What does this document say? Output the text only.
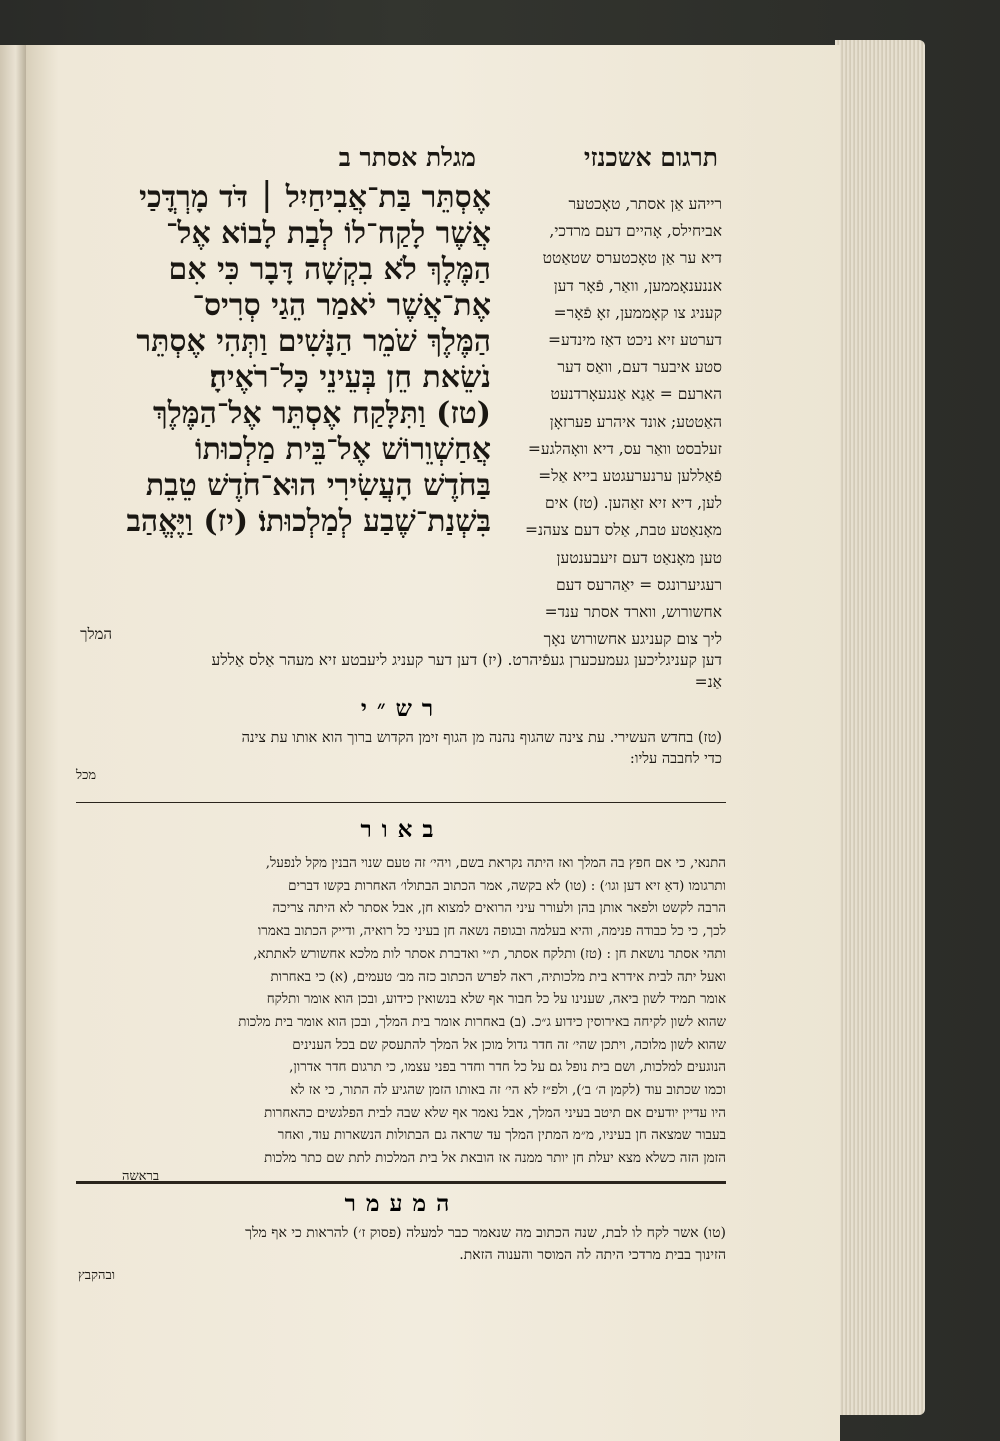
מגלת אסתר ב	תרגום אשכנזי
אֶסְתֵּר בַּת־אֲבִיחַיִל ׀ דֹּד מָרְדֳּכַי
אֲשֶׁר לָקַח־לוֹ לְבַת לָבוֹא אֶל־
הַמֶּלֶךְ לֹא בִקְשָׁה דָּבָר כִּי אִם
אֶת־אֲשֶׁר יֹאמַר הֵגַי סְרִיס־
הַמֶּלֶךְ שֹׁמֵר הַנָּשִׁים וַתְּהִי אֶסְתֵּר
נֹשֵׂאת חֵן בְּעֵינֵי כָּל־רֹאֶיהָ׃
(טז) וַתִּלָּקַח אֶסְתֵּר אֶל־הַמֶּלֶךְ
אֲחַשְׁוֵרוֹשׁ אֶל־בֵּית מַלְכוּתוֹ
בַּחֹדֶשׁ הָעֲשִׂירִי הוּא־חֹדֶשׁ טֵבֵת
בִּשְׁנַת־שֶׁבַע לְמַלְכוּתוֹ׃ (יז) וַיֶּאֱהַב
המלך
רייהע אַן אסתר, טאָכטער
אביחילס, אָהיים דעם מרדכי,
דיא ער אַן טאָכטערס שטאַטט
אננענאָממען, וואַר, פֿאָר דען
קעניג צו קאָממען, זאָ פֿאָר=
דערטע זיא ניכט דאַז מינדע=
סטע איבער דעם, וואַס דער
הארעם = אַגַא אַנגעאָרדנעט
האַטטע; אונד איהרע פערזאָן
זעלבסט וואַר עס, דיא וואָהלגע=
פֿאַללען ערנערעגטע בייא אַל=
לען, דיא זיא זאַהען. (טז) אים
מאָנאַטע טבת, אַלס דעם צעהנ=
טען מאָנאַט דעם זיעבענטען
רעגיערונגס = יאַהרעס דעם
אחשורוש, ווארד אסתר ענד=
ליך צום קעניגע אחשורוש נאָך
דען קעניגליכען געמעכערן געפֿיהרט. (יז) דען דער קעניג ליעבטע זיא מעהר אַלס אַללע
אַנ=
רש״י
(טז) בחדש העשירי. עת צינה שהגוף נהנה מן הגוף זימן הקדוש ברוך הוא אותו עת צינה
כדי לחבבה עליו:
מכל
באור
התנאי, כי אם חפץ בה המלך ואז היתה נקראת בשם, ויהי׳ זה טעם שנוי הבנין מקל לנפעל,
ותרגומו (דאַ זיא דען וגו׳) : (טו) לא בקשה, אמר הכתוב הבתולו׳ האחרות בקשו דברים
הרבה לקשט ולפאר אותן בהן ולעורר עיני הרואים למצוא חן, אבל אסתר לא היתה צריכה
לכך, כי כל כבודה פנימה, והיא בעלמה ובגופה נשאה חן בעיני כל רואיה, ודייק הכתוב באמרו
ותהי אסתר נושאת חן : (טז) ותלקח אסתר, ת״י ואדברת אסתר לות מלכא אחשורש לאתתא,
ואעל יתה לבית אידרא בית מלכותיה, ראה לפרש הכתוב כזה מב׳ טעמים, (א) כי באחרות
אומר תמיד לשון ביאה, שענינו על כל חבור אף שלא בנשואין כידוע, ובכן הוא אומר ותלקח
שהוא לשון לקיחה באירוסין כידוע ג״כ. (ב) באחרות אומר בית המלך, ובכן הוא אומר בית מלכות
שהוא לשון מלוכה, ויתכן שהי׳ זה חדר גדול מוכן אל המלך להתעסק שם בכל הענינים
הנוגעים למלכות, ושם בית נופל גם על כל חדר וחדר בפני עצמו, כי תרגום חדר אדרון,
וכמו שכתוב עוד (לקמן ה׳ ב׳), ולפ״ז לא הי׳ זה באותו הזמן שהגיע לה התור, כי אז לא
היו עדיין יודעים אם תיטב בעיני המלך, אבל נאמר אף שלא שבה לבית הפלגשים כהאחרות
בעבור שמצאה חן בעיניו, מ״מ המתין המלך עד שראה גם הבתולות הנשארות עוד, ואחר
הזמן הזה כשלא מצא יעלת חן יותר ממנה אז הובאת אל בית המלכות לתת שם כתר מלכות
בראשה
המעמר
(טו) אשר לקח לו לבת, שנה הכתוב מה שנאמר כבר למעלה (פסוק ז׳) להראות כי אף מלך
הזינוך בבית מרדכי היתה לה המוסר והענוה הזאת.
ובהקבץ
